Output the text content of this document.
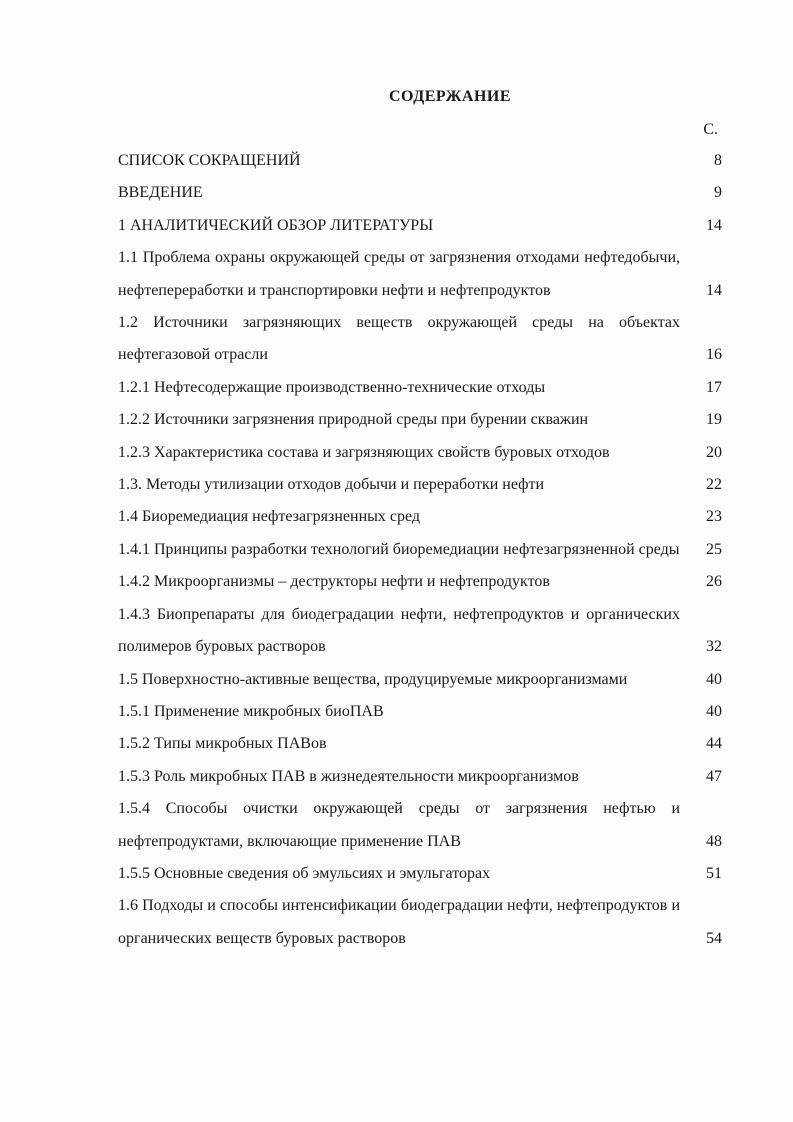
СОДЕРЖАНИЕ
С.
СПИСОК СОКРАЩЕНИЙ	8
ВВЕДЕНИЕ	9
1 АНАЛИТИЧЕСКИЙ ОБЗОР ЛИТЕРАТУРЫ	14
1.1 Проблема охраны окружающей среды от загрязнения отходами нефтедобычи, нефтепереработки и транспортировки нефти и нефтепродуктов	14
1.2 Источники загрязняющих веществ окружающей среды на объектах нефтегазовой отрасли	16
1.2.1 Нефтесодержащие производственно-технические отходы	17
1.2.2 Источники загрязнения природной среды при бурении скважин	19
1.2.3 Характеристика состава и загрязняющих свойств буровых отходов	20
1.3. Методы утилизации отходов добычи и переработки нефти	22
1.4 Биоремедиация нефтезагрязненных сред	23
1.4.1 Принципы разработки технологий биоремедиации нефтезагрязненной среды	25
1.4.2 Микроорганизмы – деструкторы нефти и нефтепродуктов	26
1.4.3 Биопрепараты для биодеградации нефти, нефтепродуктов и органических полимеров буровых растворов	32
1.5 Поверхностно-активные вещества, продуцируемые микроорганизмами	40
1.5.1 Применение микробных биоПАВ	40
1.5.2 Типы микробных ПАВов	44
1.5.3 Роль микробных ПАВ в жизнедеятельности микроорганизмов	47
1.5.4 Способы очистки окружающей среды от загрязнения нефтью и нефтепродуктами, включающие применение ПАВ	48
1.5.5 Основные сведения об эмульсиях и эмульгаторах	51
1.6 Подходы и способы интенсификации биодеградации нефти, нефтепродуктов и органических веществ буровых растворов	54
